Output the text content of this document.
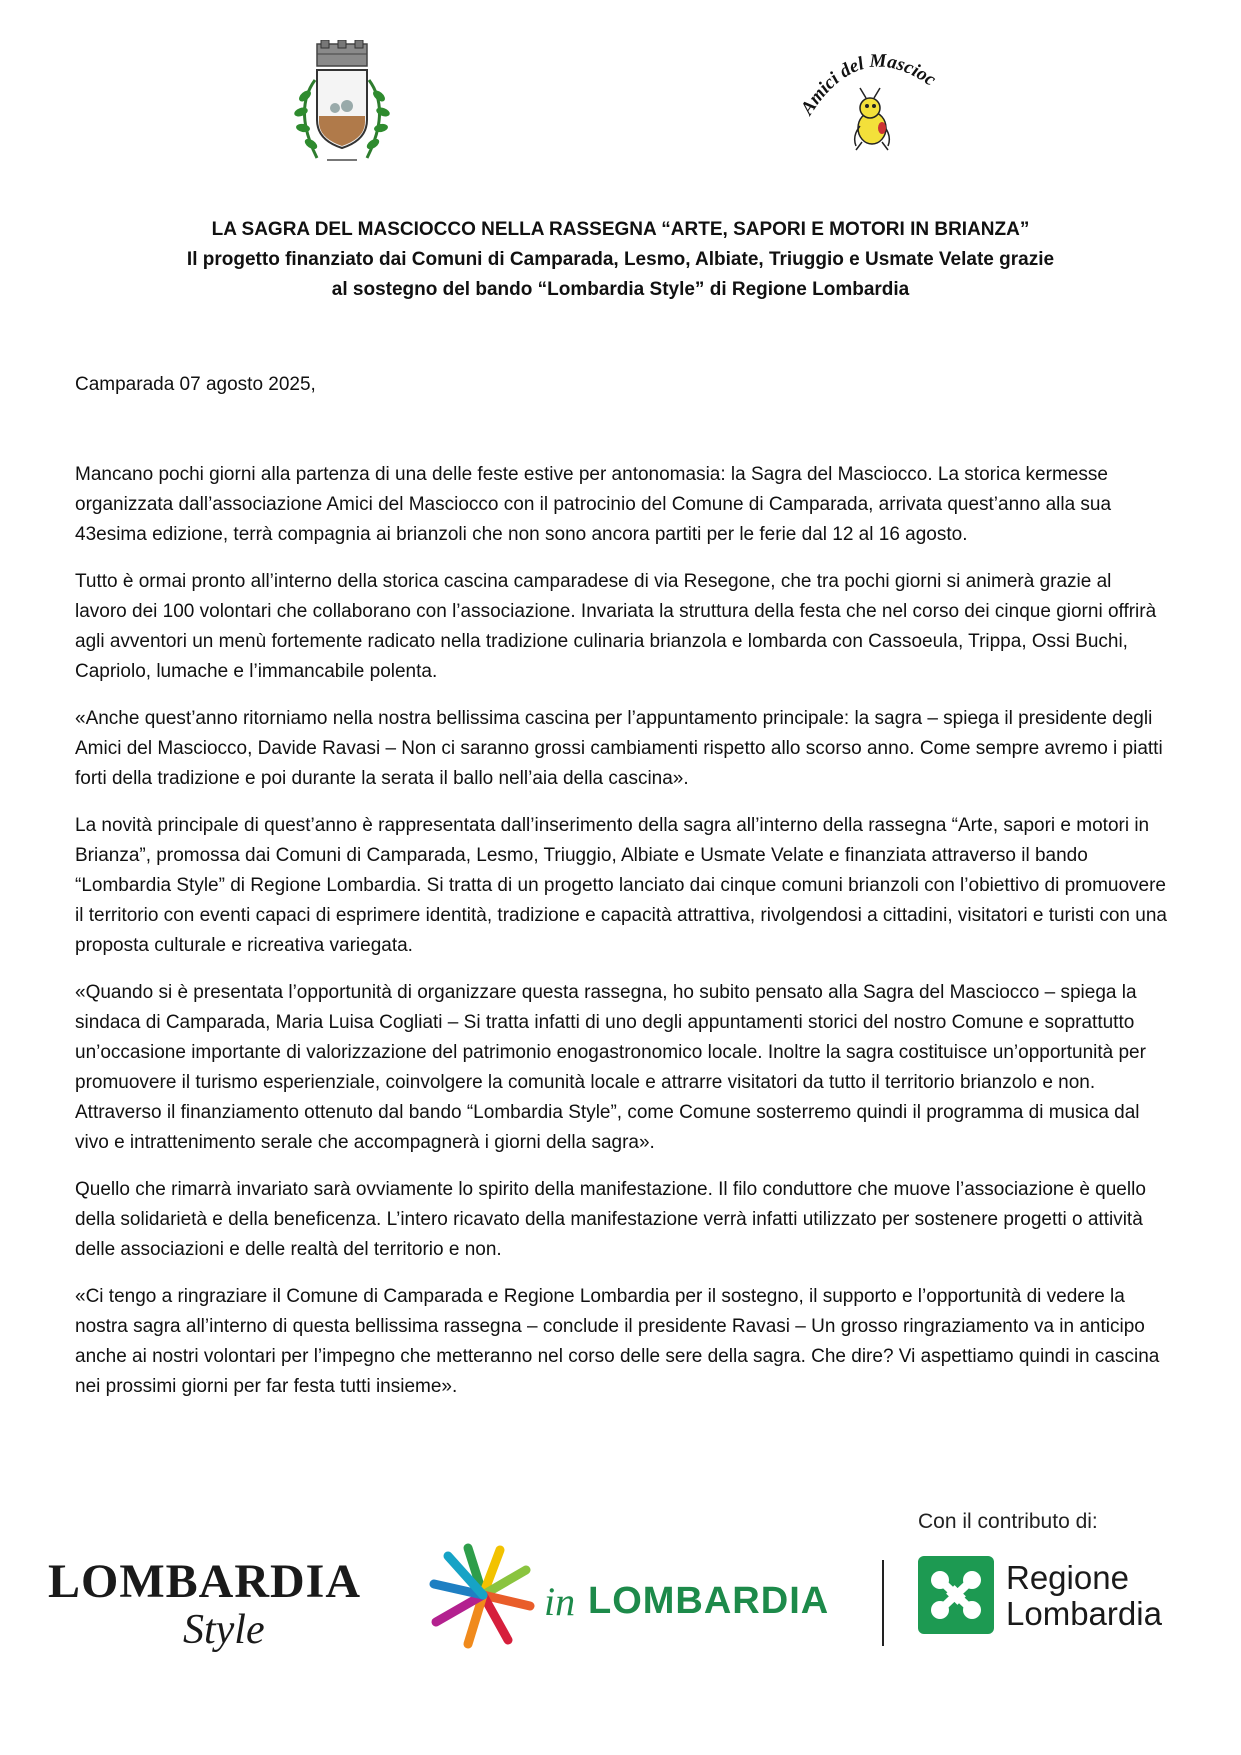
mici del Mascioc
LA SAGRA DEL MASCIOCCO NELLA RASSEGNA “ARTE, SAPORI E MOTORI IN BRIANZA”
Il progetto finanziato dai Comuni di Camparada, Lesmo, Albiate, Triuggio e Usmate Velate grazie
al sostegno del bando “Lombardia Style” di Regione Lombardia
Camparada 07 agosto 2025,

Mancano pochi giorni alla partenza di una delle feste estive per antonomasia: la Sagra del Masciocco. La storica kermesse organizzata dall’associazione Amici del Masciocco con il patrocinio del Comune di Camparada, arrivata quest’anno alla sua 43esima edizione, terrà compagnia ai brianzoli che non sono ancora partiti per le ferie dal 12 al 16 agosto.

Tutto è ormai pronto all’interno della storica cascina camparadese di via Resegone, che tra pochi giorni si animerà grazie al lavoro dei 100 volontari che collaborano con l’associazione. Invariata la struttura della festa che nel corso dei cinque giorni offrirà agli avventori un menù fortemente radicato nella tradizione culinaria brianzola e lombarda con Cassoeula, Trippa, Ossi Buchi, Capriolo, lumache e l’immancabile polenta.

«Anche quest’anno ritorniamo nella nostra bellissima cascina per l’appuntamento principale: la sagra – spiega il presidente degli Amici del Masciocco, Davide Ravasi – Non ci saranno grossi cambiamenti rispetto allo scorso anno. Come sempre avremo i piatti forti della tradizione e poi durante la serata il ballo nell’aia della cascina».

La novità principale di quest’anno è rappresentata dall’inserimento della sagra all’interno della rassegna “Arte, sapori e motori in Brianza”, promossa dai Comuni di Camparada, Lesmo, Triuggio, Albiate e Usmate Velate e finanziata attraverso il bando “Lombardia Style” di Regione Lombardia. Si tratta di un progetto lanciato dai cinque comuni brianzoli con l’obiettivo di promuovere il territorio con eventi capaci di esprimere identità, tradizione e capacità attrattiva, rivolgendosi a cittadini, visitatori e turisti con una proposta culturale e ricreativa variegata.

«Quando si è presentata l’opportunità di organizzare questa rassegna, ho subito pensato alla Sagra del Masciocco – spiega la sindaca di Camparada, Maria Luisa Cogliati – Si tratta infatti di uno degli appuntamenti storici del nostro Comune e soprattutto un’occasione importante di valorizzazione del patrimonio enogastronomico locale. Inoltre la sagra costituisce un’opportunità per promuovere il turismo esperienziale, coinvolgere la comunità locale e attrarre visitatori da tutto il territorio brianzolo e non. Attraverso il finanziamento ottenuto dal bando “Lombardia Style”, come Comune sosterremo quindi il programma di musica dal vivo e intrattenimento serale che accompagnerà i giorni della sagra».

Quello che rimarrà invariato sarà ovviamente lo spirito della manifestazione. Il filo conduttore che muove l’associazione è quello della solidarietà e della beneficenza. L’intero ricavato della manifestazione verrà infatti utilizzato per sostenere progetti o attività delle associazioni e delle realtà del territorio e non.

«Ci tengo a ringraziare il Comune di Camparada e Regione Lombardia per il sostegno, il supporto e l’opportunità di vedere la nostra sagra all’interno di questa bellissima rassegna – conclude il presidente Ravasi – Un grosso ringraziamento va in anticipo anche ai nostri volontari per l’impegno che metteranno nel corso delle sere della sagra. Che dire? Vi aspettiamo quindi in cascina nei prossimi giorni per far festa tutti insieme».

LOMBARDIA
Style
in LOMBARDIA
Con il contributo di:
Regione
Lombardia
